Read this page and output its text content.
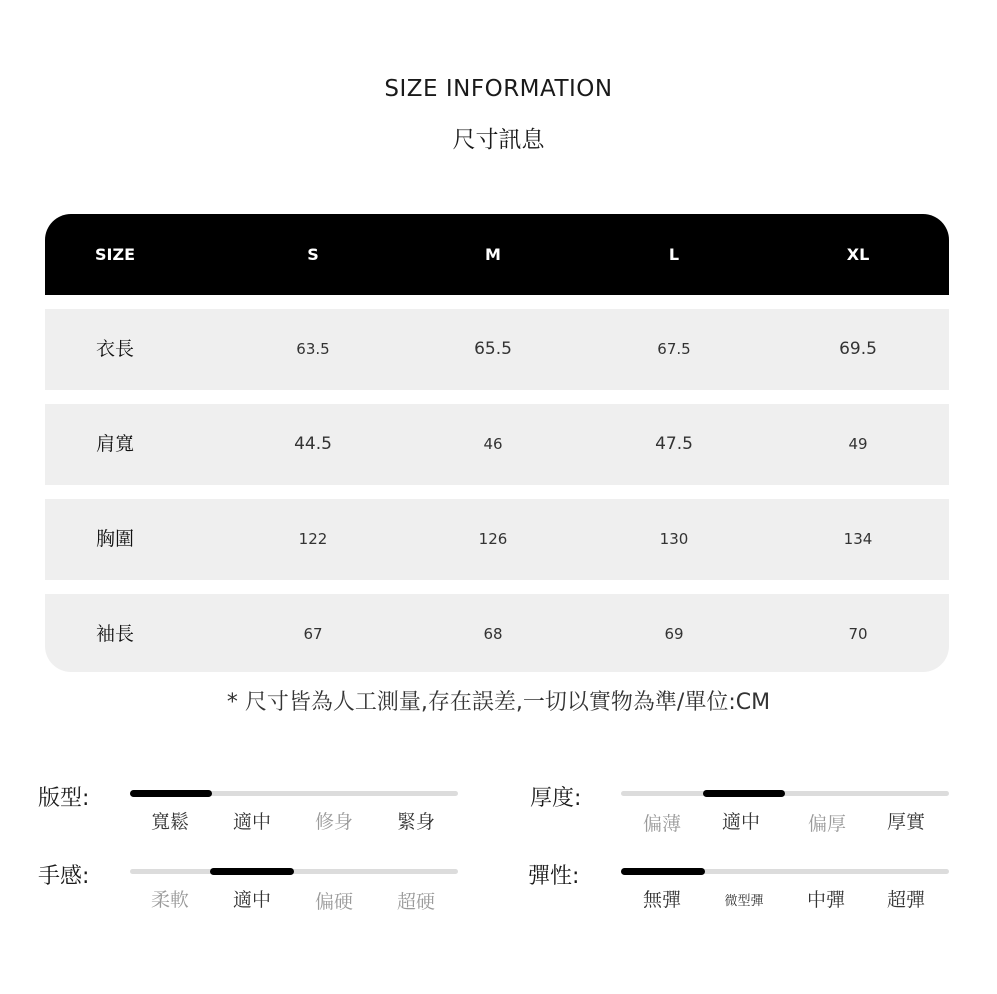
SIZE INFORMATION
尺寸訊息
SIZE	S	M	L	XL
衣長	63.5	65.5	67.5	69.5
肩寬	44.5	46	47.5	49
胸圍	122	126	130	134
袖長	67	68	69	70
* 尺寸皆為人工測量,存在誤差,一切以實物為準/單位:CM
版型:
寬鬆	適中	修身	緊身
厚度:
偏薄	適中	偏厚	厚實
手感:
柔軟	適中	偏硬	超硬
彈性:
無彈	微型彈	中彈	超彈
